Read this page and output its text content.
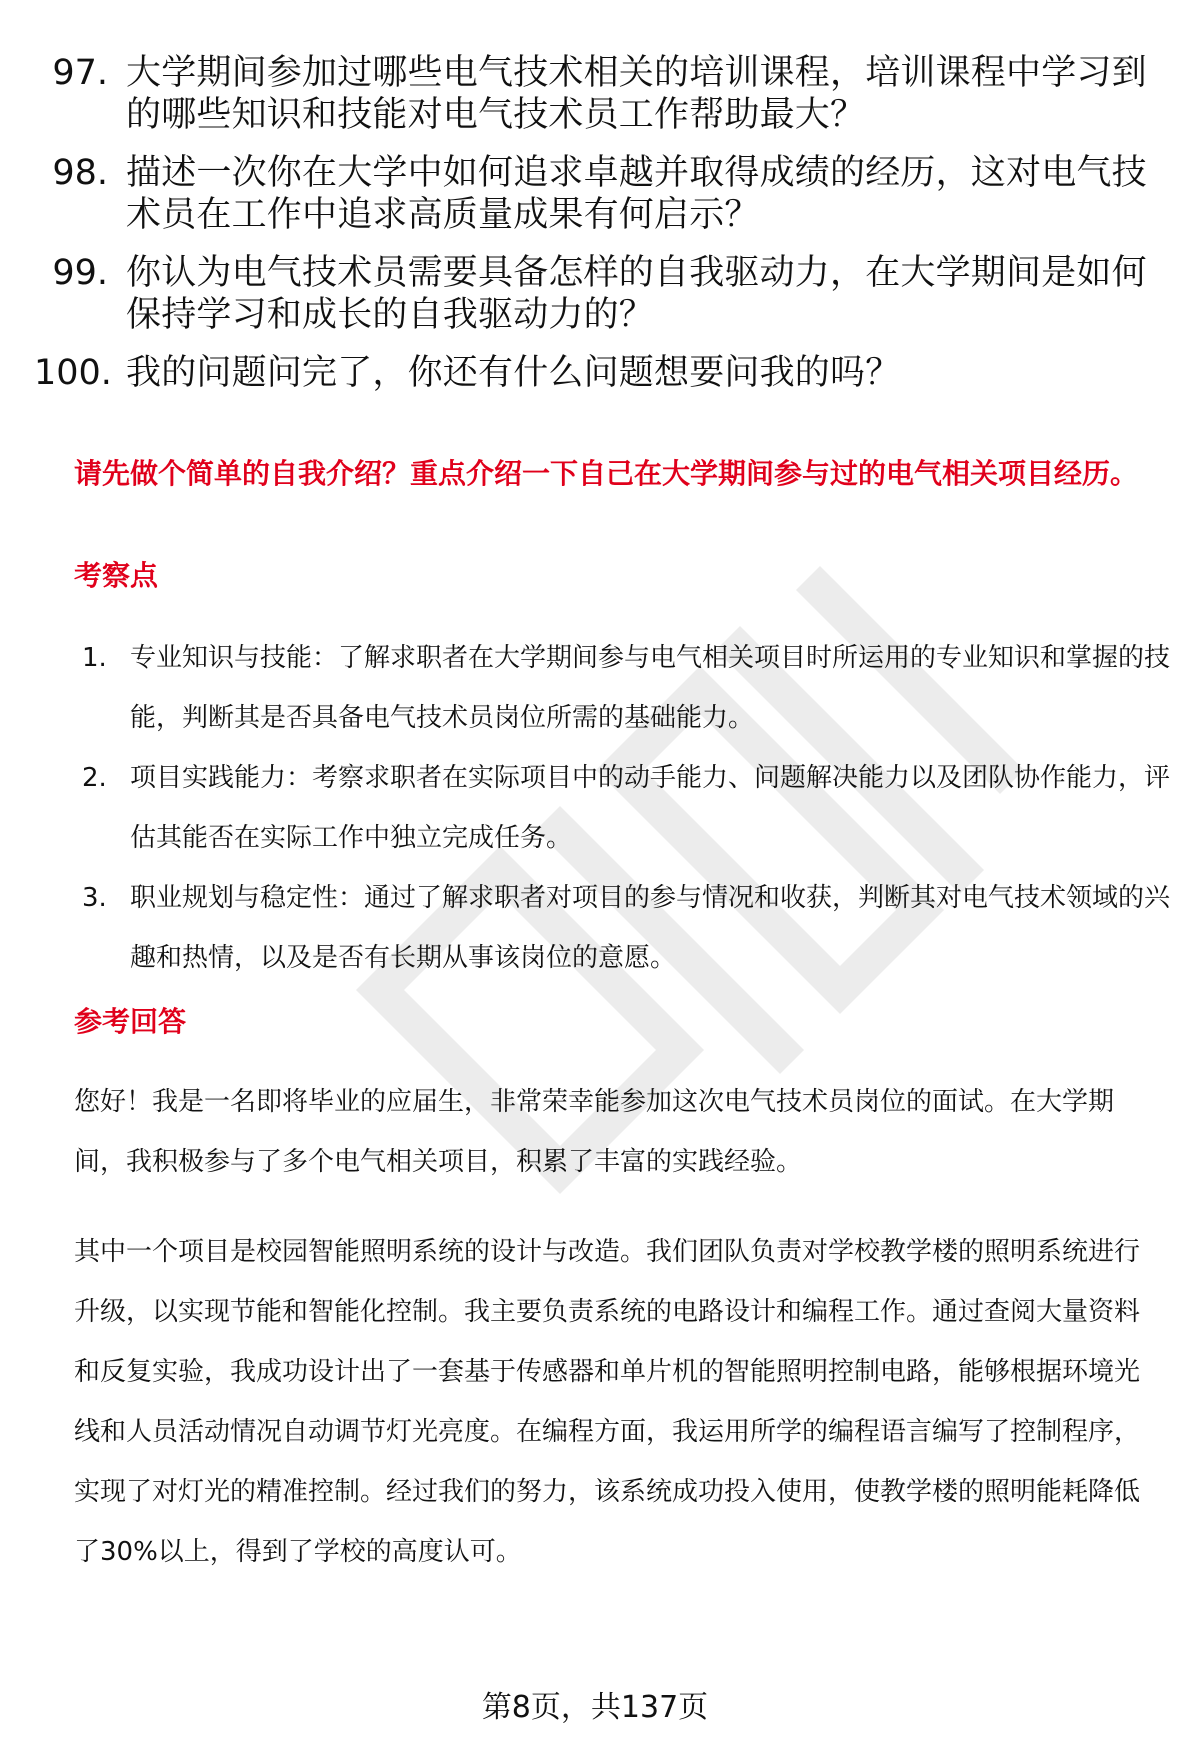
97. 大学期间参加过哪些电气技术相关的培训课程，培训课程中学习到的哪些知识和技能对电气技术员工作帮助最大？
98. 描述一次你在大学中如何追求卓越并取得成绩的经历，这对电气技术员在工作中追求高质量成果有何启示？
99. 你认为电气技术员需要具备怎样的自我驱动力，在大学期间是如何保持学习和成长的自我驱动力的？
100. 我的问题问完了，你还有什么问题想要问我的吗？
请先做个简单的自我介绍？重点介绍一下自己在大学期间参与过的电气相关项目经历。
考察点
1. 专业知识与技能：了解求职者在大学期间参与电气相关项目时所运用的专业知识和掌握的技能，判断其是否具备电气技术员岗位所需的基础能力。
2. 项目实践能力：考察求职者在实际项目中的动手能力、问题解决能力以及团队协作能力，评估其能否在实际工作中独立完成任务。
3. 职业规划与稳定性：通过了解求职者对项目的参与情况和收获，判断其对电气技术领域的兴趣和热情，以及是否有长期从事该岗位的意愿。
参考回答
您好！我是一名即将毕业的应届生，非常荣幸能参加这次电气技术员岗位的面试。在大学期间，我积极参与了多个电气相关项目，积累了丰富的实践经验。
其中一个项目是校园智能照明系统的设计与改造。我们团队负责对学校教学楼的照明系统进行升级，以实现节能和智能化控制。我主要负责系统的电路设计和编程工作。通过查阅大量资料和反复实验，我成功设计出了一套基于传感器和单片机的智能照明控制电路，能够根据环境光线和人员活动情况自动调节灯光亮度。在编程方面，我运用所学的编程语言编写了控制程序，实现了对灯光的精准控制。经过我们的努力，该系统成功投入使用，使教学楼的照明能耗降低了30%以上，得到了学校的高度认可。
第8页，共137页
